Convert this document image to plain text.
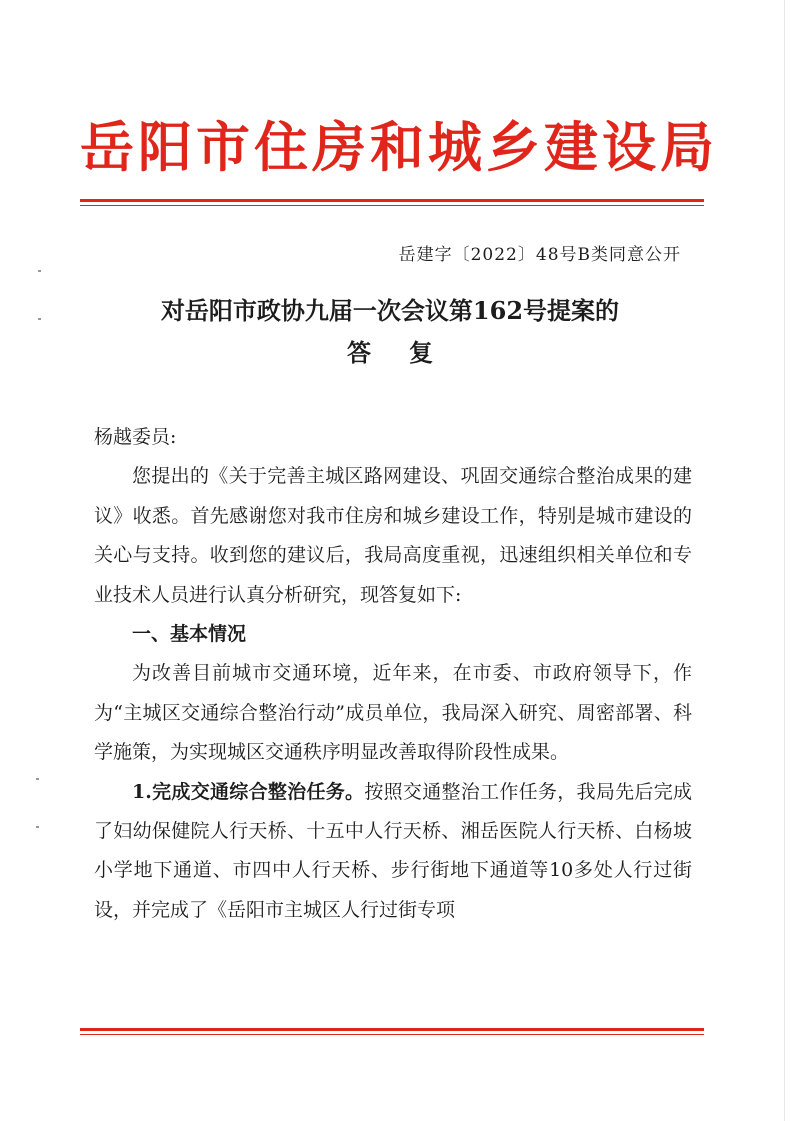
岳阳市住房和城乡建设局
岳建字〔2022〕48号B类同意公开
对岳阳市政协九届一次会议第162号提案的
答复

杨越委员:

您提出的《关于完善主城区路网建设、巩固交通综合整治成果的建议》收悉。首先感谢您对我市住房和城乡建设工作，特别是城市建设的关心与支持。收到您的建议后，我局高度重视，迅速组织相关单位和专业技术人员进行认真分析研究，现答复如下:

一、基本情况

为改善目前城市交通环境，近年来，在市委、市政府领导下，作为“主城区交通综合整治行动”成员单位，我局深入研究、周密部署、科学施策，为实现城区交通秩序明显改善取得阶段性成果。

1.完成交通综合整治任务。按照交通整治工作任务，我局先后完成了妇幼保健院人行天桥、十五中人行天桥、湘岳医院人行天桥、白杨坡小学地下通道、市四中人行天桥、步行街地下通道等10多处人行过街设，并完成了《岳阳市主城区人行过街专项
